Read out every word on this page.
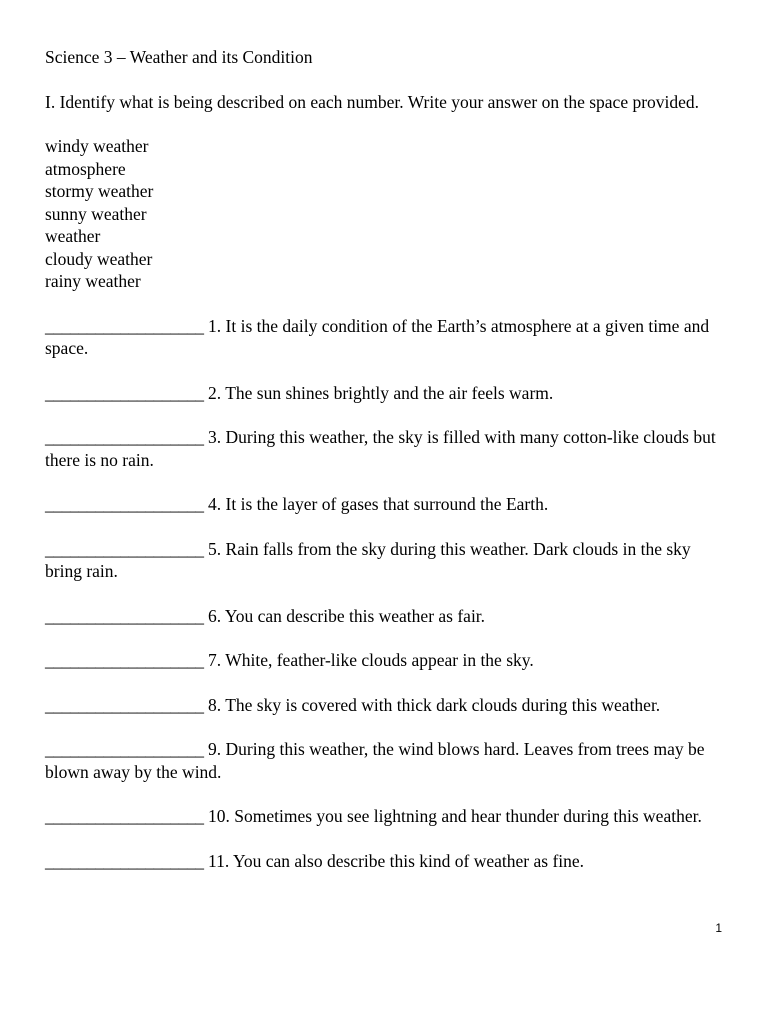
Science 3 – Weather and its Condition

I. Identify what is being described on each number. Write your answer on the space provided.

windy weather
atmosphere
stormy weather
sunny weather
weather
cloudy weather
rainy weather

___________________ 1. It is the daily condition of the Earth’s atmosphere at a given time and space.

___________________ 2. The sun shines brightly and the air feels warm.

___________________ 3. During this weather, the sky is filled with many cotton-like clouds but there is no rain.

___________________ 4. It is the layer of gases that surround the Earth.

___________________ 5. Rain falls from the sky during this weather. Dark clouds in the sky bring rain.

___________________ 6. You can describe this weather as fair.

___________________ 7. White, feather-like clouds appear in the sky.

___________________ 8. The sky is covered with thick dark clouds during this weather.

___________________ 9. During this weather, the wind blows hard. Leaves from trees may be blown away by the wind.

___________________ 10. Sometimes you see lightning and hear thunder during this weather.

___________________ 11. You can also describe this kind of weather as fine.

1
